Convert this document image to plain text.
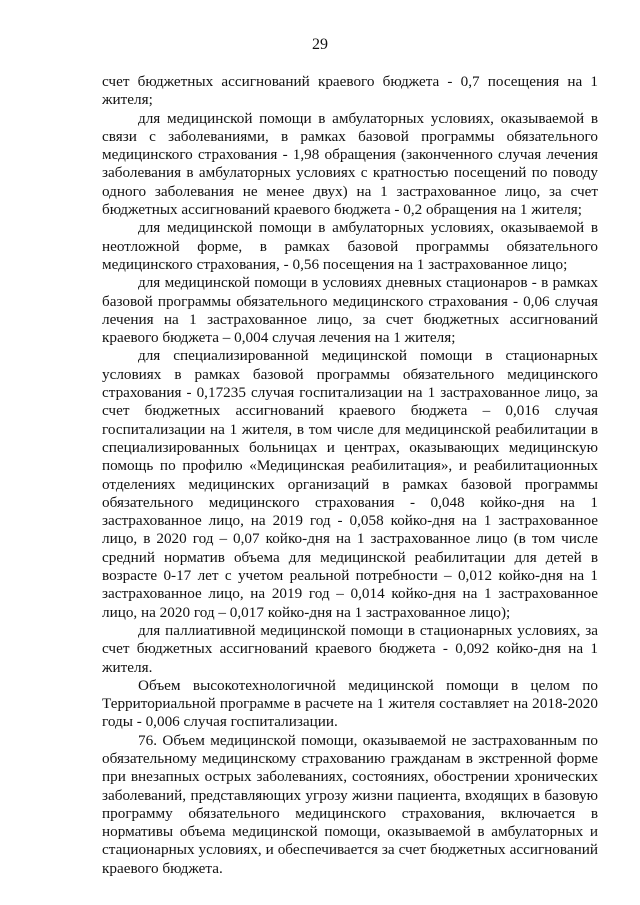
29

счет бюджетных ассигнований краевого бюджета - 0,7 посещения на 1 жителя;

для медицинской помощи в амбулаторных условиях, оказываемой в связи с заболеваниями, в рамках базовой программы обязательного медицинского страхования - 1,98 обращения (законченного случая лечения заболевания в амбулаторных условиях с кратностью посещений по поводу одного заболевания не менее двух) на 1 застрахованное лицо, за счет бюджетных ассигнований краевого бюджета - 0,2 обращения на 1 жителя;

для медицинской помощи в амбулаторных условиях, оказываемой в неотложной форме, в рамках базовой программы обязательного медицинского страхования, - 0,56 посещения на 1 застрахованное лицо;

для медицинской помощи в условиях дневных стационаров - в рамках базовой программы обязательного медицинского страхования - 0,06 случая лечения на 1 застрахованное лицо, за счет бюджетных ассигнований краевого бюджета – 0,004 случая лечения на 1 жителя;

для специализированной медицинской помощи в стационарных условиях в рамках базовой программы обязательного медицинского страхования - 0,17235 случая госпитализации на 1 застрахованное лицо, за счет бюджетных ассигнований краевого бюджета – 0,016 случая госпитализации на 1 жителя, в том числе для медицинской реабилитации в специализированных больницах и центрах, оказывающих медицинскую помощь по профилю «Медицинская реабилитация», и реабилитационных отделениях медицинских организаций в рамках базовой программы обязательного медицинского страхования - 0,048 койко-дня на 1 застрахованное лицо, на 2019 год - 0,058 койко-дня на 1 застрахованное лицо, в 2020 год – 0,07 койко-дня на 1 застрахованное лицо (в том числе средний норматив объема для медицинской реабилитации для детей в возрасте 0-17 лет с учетом реальной потребности – 0,012 койко-дня на 1 застрахованное лицо, на 2019 год – 0,014 койко-дня на 1 застрахованное лицо, на 2020 год – 0,017 койко-дня на 1 застрахованное лицо);

для паллиативной медицинской помощи в стационарных условиях, за счет бюджетных ассигнований краевого бюджета - 0,092 койко-дня на 1 жителя.

Объем высокотехнологичной медицинской помощи в целом по Территориальной программе в расчете на 1 жителя составляет на 2018-2020 годы - 0,006 случая госпитализации.

76. Объем медицинской помощи, оказываемой не застрахованным по обязательному медицинскому страхованию гражданам в экстренной форме при внезапных острых заболеваниях, состояниях, обострении хронических заболеваний, представляющих угрозу жизни пациента, входящих в базовую программу обязательного медицинского страхования, включается в нормативы объема медицинской помощи, оказываемой в амбулаторных и стационарных условиях, и обеспечивается за счет бюджетных ассигнований краевого бюджета.
